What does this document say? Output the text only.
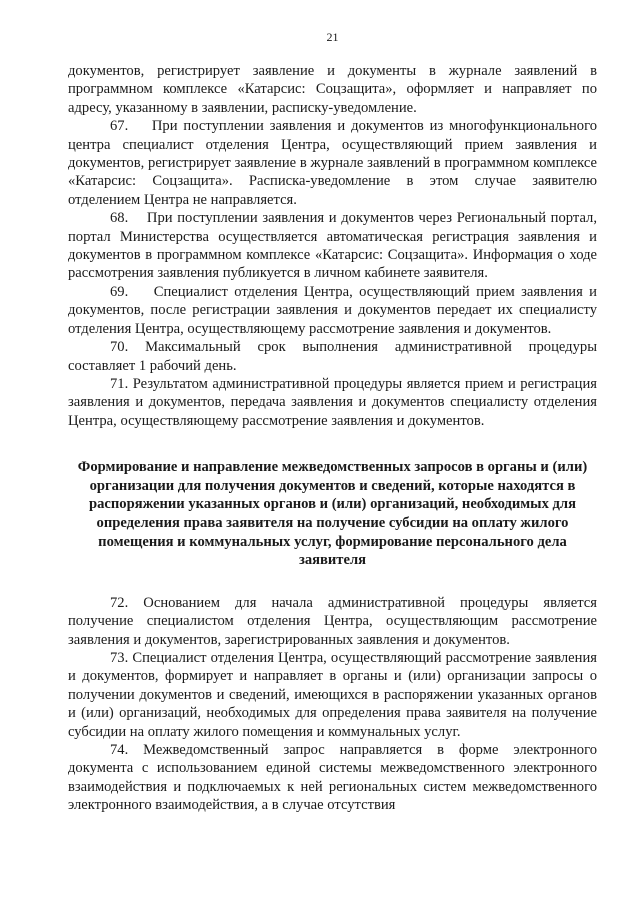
21

документов, регистрирует заявление и документы в журнале заявлений в программном комплексе «Катарсис: Соцзащита», оформляет и направляет по адресу, указанному в заявлении, расписку-уведомление.

67.    При поступлении заявления и документов из многофункционального центра специалист отделения Центра, осуществляющий прием заявления и документов, регистрирует заявление в журнале заявлений в программном комплексе «Катарсис: Соцзащита». Расписка-уведомление в этом случае заявителю отделением Центра не направляется.

68.    При поступлении заявления и документов через Региональный портал, портал Министерства осуществляется автоматическая регистрация заявления и документов в программном комплексе «Катарсис: Соцзащита». Информация о ходе рассмотрения заявления публикуется в личном кабинете заявителя.

69.    Специалист отделения Центра, осуществляющий прием заявления и документов, после регистрации заявления и документов передает их специалисту отделения Центра, осуществляющему рассмотрение заявления и документов.

70. Максимальный срок выполнения административной процедуры составляет 1 рабочий день.

71. Результатом административной процедуры является прием и регистрация заявления и документов, передача заявления и документов специалисту отделения Центра, осуществляющему рассмотрение заявления и документов.

Формирование и направление межведомственных запросов в органы и (или) организации для получения документов и сведений, которые находятся в распоряжении указанных органов и (или) организаций, необходимых для определения права заявителя на получение субсидии на оплату жилого помещения и коммунальных услуг, формирование персонального дела заявителя

72. Основанием для начала административной процедуры является получение специалистом отделения Центра, осуществляющим рассмотрение заявления и документов, зарегистрированных заявления и документов.

73. Специалист отделения Центра, осуществляющий рассмотрение заявления и документов, формирует и направляет в органы и (или) организации запросы о получении документов и сведений, имеющихся в распоряжении указанных органов и (или) организаций, необходимых для определения права заявителя на получение субсидии на оплату жилого помещения и коммунальных услуг.

74. Межведомственный запрос направляется в форме электронного документа с использованием единой системы межведомственного электронного взаимодействия и подключаемых к ней региональных систем межведомственного электронного взаимодействия, а в случае отсутствия
